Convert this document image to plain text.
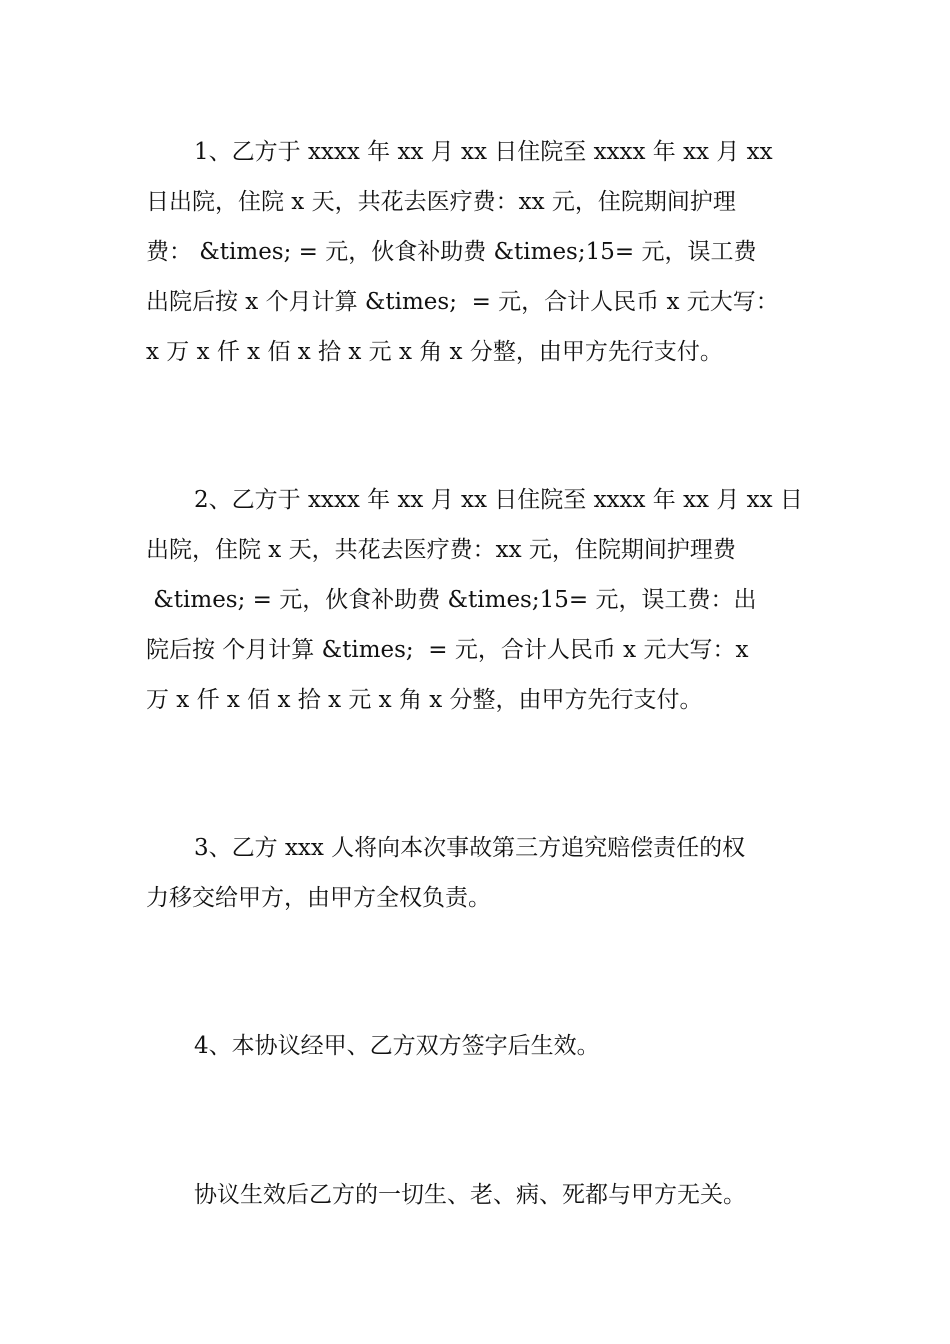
1、乙方于 xxxx 年 xx 月 xx 日住院至 xxxx 年 xx 月 xx
日出院，住院 x 天，共花去医疗费：xx 元，住院期间护理
费： &times; = 元，伙食补助费 &times;15= 元，误工费
出院后按 x 个月计算 &times;  = 元，合计人民币 x 元大写：
x 万 x 仟 x 佰 x 拾 x 元 x 角 x 分整，由甲方先行支付。
2、乙方于 xxxx 年 xx 月 xx 日住院至 xxxx 年 xx 月 xx 日
出院，住院 x 天，共花去医疗费：xx 元，住院期间护理费
&times; = 元，伙食补助费 &times;15= 元，误工费：出
院后按 个月计算 &times;  = 元，合计人民币 x 元大写：x
万 x 仟 x 佰 x 拾 x 元 x 角 x 分整，由甲方先行支付。
3、乙方 xxx 人将向本次事故第三方追究赔偿责任的权
力移交给甲方，由甲方全权负责。
4、本协议经甲、乙方双方签字后生效。
协议生效后乙方的一切生、老、病、死都与甲方无关。
